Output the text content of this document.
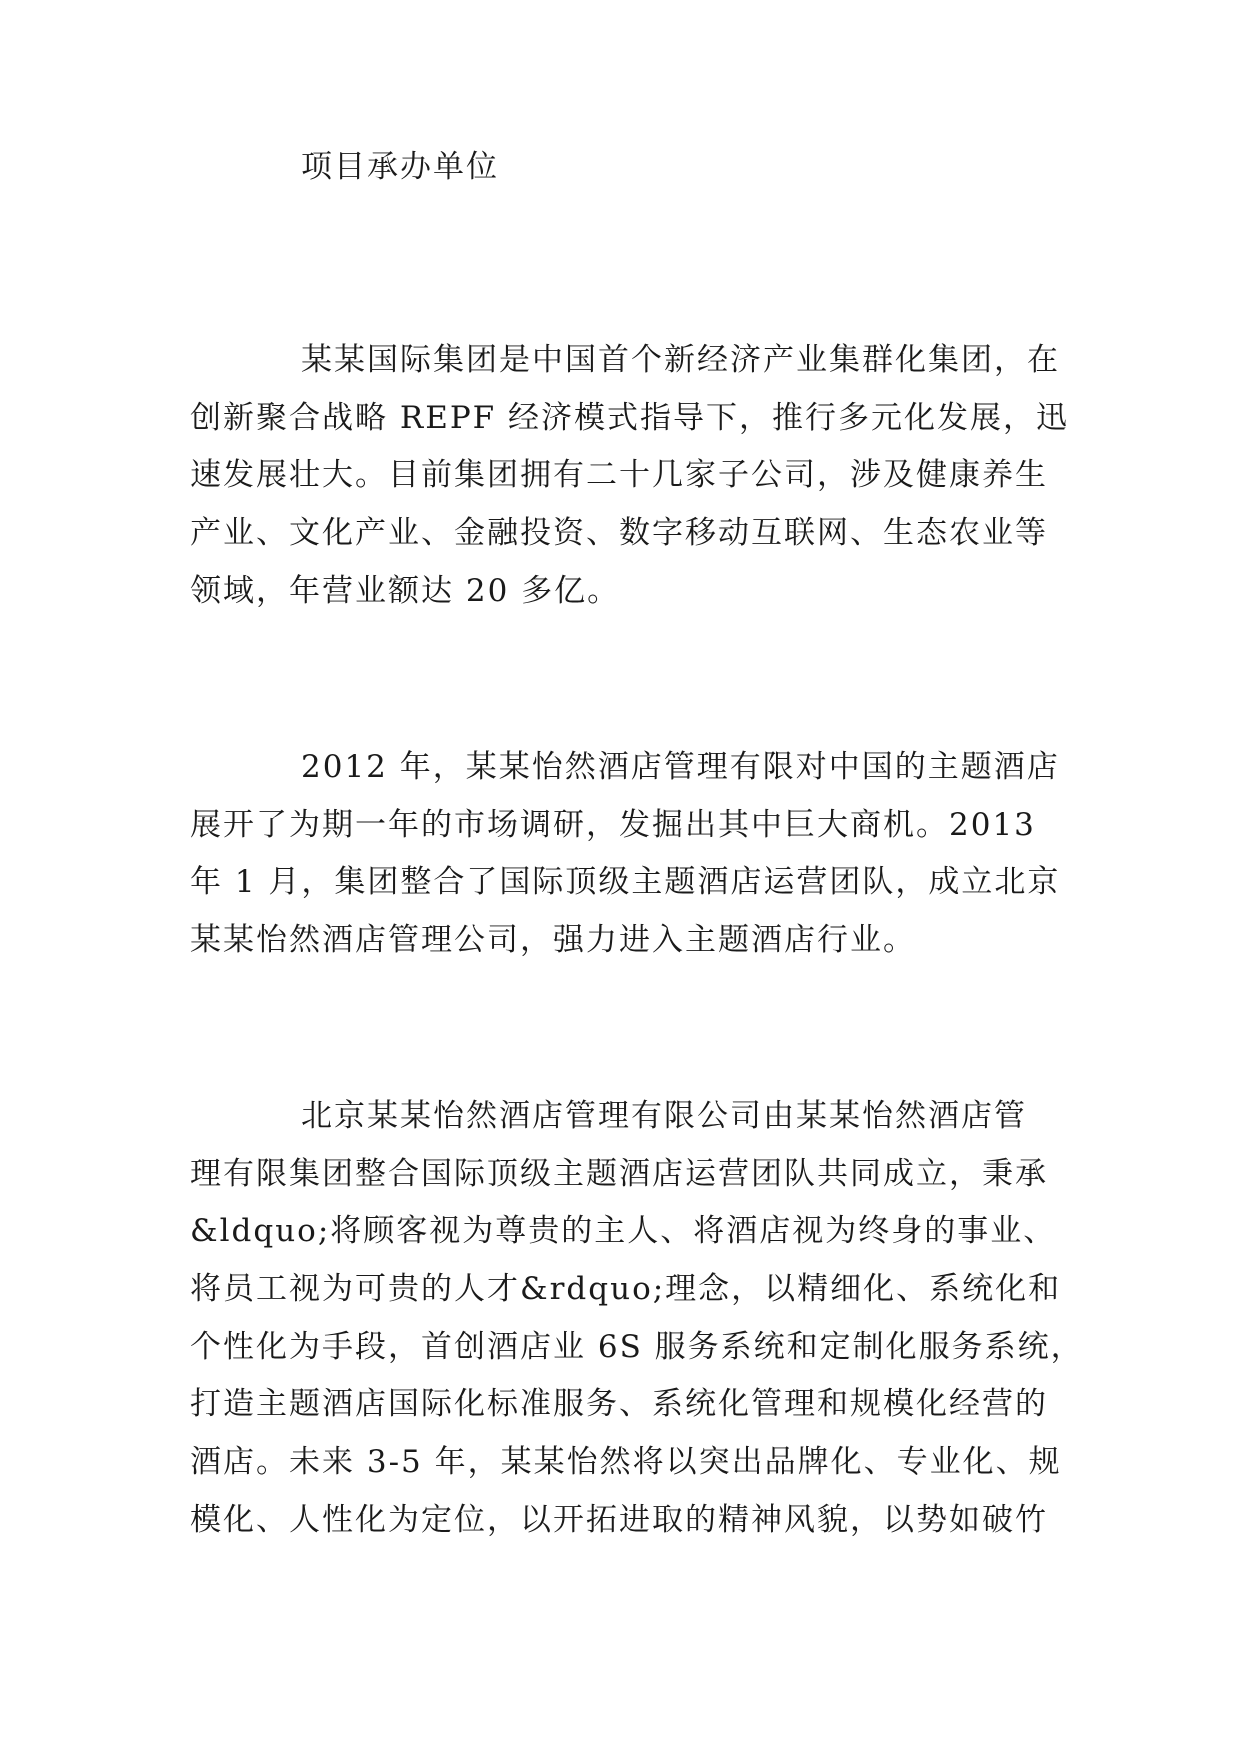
项目承办单位
某某国际集团是中国首个新经济产业集群化集团，在
创新聚合战略 REPF 经济模式指导下，推行多元化发展，迅
速发展壮大。目前集团拥有二十几家子公司，涉及健康养生
产业、文化产业、金融投资、数字移动互联网、生态农业等
领域，年营业额达 20 多亿。
2012 年，某某怡然酒店管理有限对中国的主题酒店
展开了为期一年的市场调研，发掘出其中巨大商机。2013
年 1 月，集团整合了国际顶级主题酒店运营团队，成立北京
某某怡然酒店管理公司，强力进入主题酒店行业。
北京某某怡然酒店管理有限公司由某某怡然酒店管
理有限集团整合国际顶级主题酒店运营团队共同成立，秉承
&ldquo;将顾客视为尊贵的主人、将酒店视为终身的事业、
将员工视为可贵的人才&rdquo;理念，以精细化、系统化和
个性化为手段，首创酒店业 6S 服务系统和定制化服务系统，
打造主题酒店国际化标准服务、系统化管理和规模化经营的
酒店。未来 3-5 年，某某怡然将以突出品牌化、专业化、规
模化、人性化为定位，以开拓进取的精神风貌，以势如破竹
